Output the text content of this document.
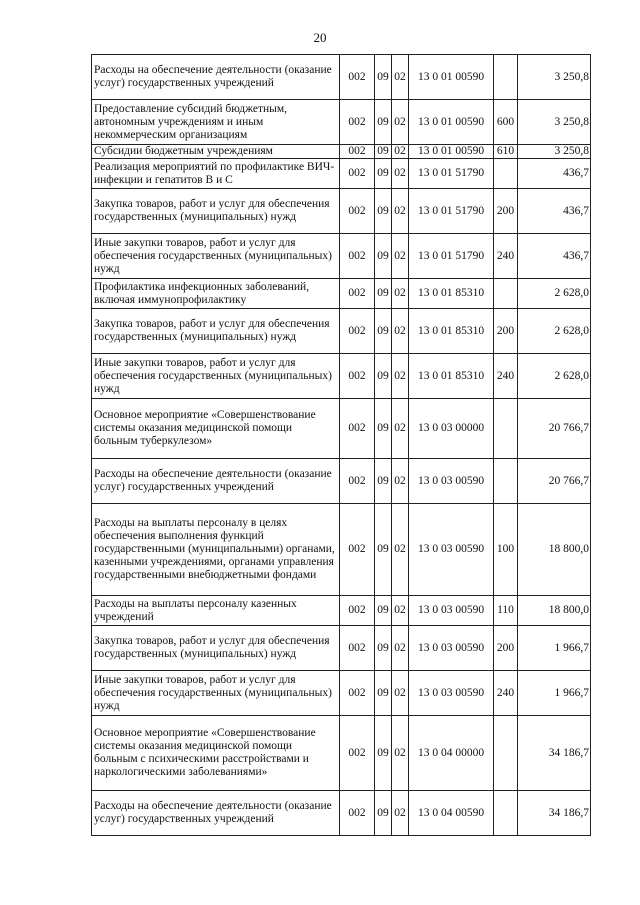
20
Расходы на обеспечение деятельности (оказание услуг) государственных учреждений	002	09	02	13 0 01 00590		3 250,8
Предоставление субсидий бюджетным, автономным учреждениям и иным некоммерческим организациям	002	09	02	13 0 01 00590	600	3 250,8
Субсидии бюджетным учреждениям	002	09	02	13 0 01 00590	610	3 250,8
Реализация мероприятий по профилактике ВИЧ-инфекции и гепатитов В и С	002	09	02	13 0 01 51790		436,7
Закупка товаров, работ и услуг для обеспечения государственных (муниципальных) нужд	002	09	02	13 0 01 51790	200	436,7
Иные закупки товаров, работ и услуг для обеспечения государственных (муниципальных) нужд	002	09	02	13 0 01 51790	240	436,7
Профилактика инфекционных заболеваний, включая иммунопрофилактику	002	09	02	13 0 01 85310		2 628,0
Закупка товаров, работ и услуг для обеспечения государственных (муниципальных) нужд	002	09	02	13 0 01 85310	200	2 628,0
Иные закупки товаров, работ и услуг для обеспечения государственных (муниципальных) нужд	002	09	02	13 0 01 85310	240	2 628,0
Основное мероприятие «Совершенствование системы оказания медицинской помощи больным туберкулезом»	002	09	02	13 0 03 00000		20 766,7
Расходы на обеспечение деятельности (оказание услуг) государственных учреждений	002	09	02	13 0 03 00590		20 766,7
Расходы на выплаты персоналу в целях обеспечения выполнения функций государственными (муниципальными) органами, казенными учреждениями, органами управления государственными внебюджетными фондами	002	09	02	13 0 03 00590	100	18 800,0
Расходы на выплаты персоналу казенных учреждений	002	09	02	13 0 03 00590	110	18 800,0
Закупка товаров, работ и услуг для обеспечения государственных (муниципальных) нужд	002	09	02	13 0 03 00590	200	1 966,7
Иные закупки товаров, работ и услуг для обеспечения государственных (муниципальных) нужд	002	09	02	13 0 03 00590	240	1 966,7
Основное мероприятие «Совершенствование системы оказания медицинской помощи больным с психическими расстройствами и наркологическими заболеваниями»	002	09	02	13 0 04 00000		34 186,7
Расходы на обеспечение деятельности (оказание услуг) государственных учреждений	002	09	02	13 0 04 00590		34 186,7
